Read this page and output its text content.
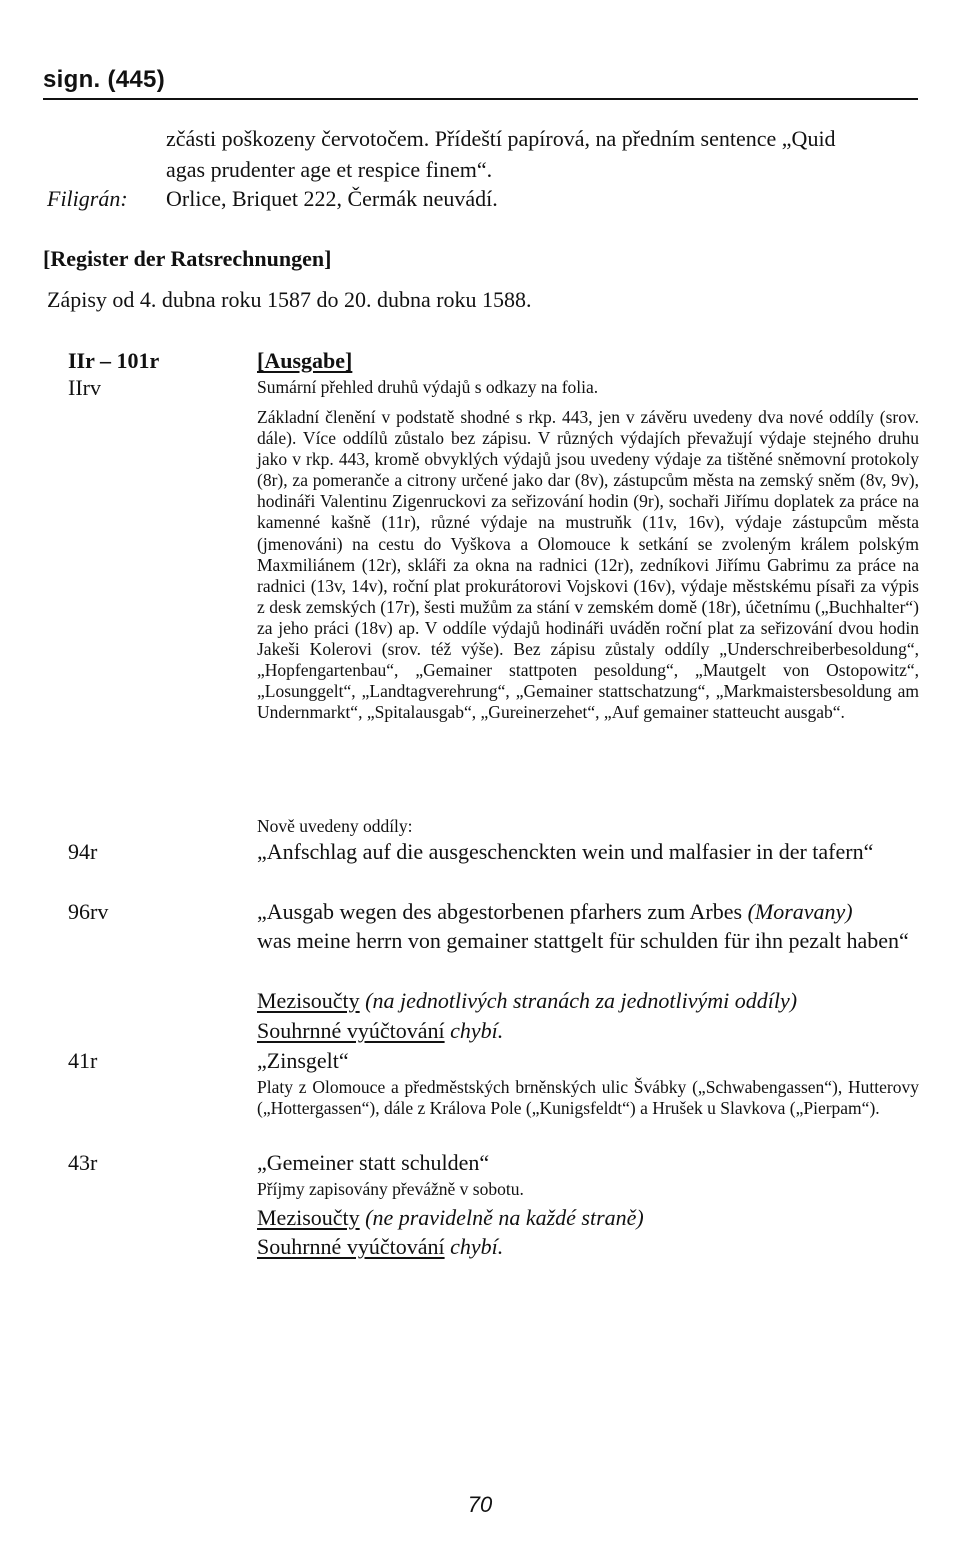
sign. (445)
zčásti poškozeny červotočem. Přídeští papírová, na předním sentence „Quid
agas prudenter age et respice finem“.
Filigrán: Orlice, Briquet 222, Čermák neuvádí.
[Register der Ratsrechnungen]
Zápisy od 4. dubna roku 1587 do 20. dubna roku 1588.
IIr – 101r	[Ausgabe]
IIrv	Sumární přehled druhů výdajů s odkazy na folia.
Základní členění v podstatě shodné s rkp. 443, jen v závěru uvedeny dva nové oddíly (srov. dále). Více oddílů zůstalo bez zápisu. V různých výdajích převažují výdaje stejného druhu jako v rkp. 443, kromě obvyklých výdajů jsou uvedeny výdaje za tištěné sněmovní protokoly (8r), za pomeranče a citrony určené jako dar (8v), zástupcům města na zemský sněm (8v, 9v), hodináři Valentinu Zigenruckovi za seřizování hodin (9r), sochaři Jiřímu doplatek za práce na kamenné kašně (11r), různé výdaje na mustruňk (11v, 16v), výdaje zástupcům města (jmenováni) na cestu do Vyškova a Olomouce k setkání se zvoleným králem polským Maxmiliánem (12r), skláři za okna na radnici (12r), zedníkovi Jiřímu Gabrimu za práce na radnici (13v, 14v), roční plat prokurátorovi Vojskovi (16v), výdaje městskému písaři za výpis z desk zemských (17r), šesti mužům za stání v zemském domě (18r), účetnímu („Buchhalter“) za jeho práci (18v) ap. V oddíle výdajů hodináři uváděn roční plat za seřizování dvou hodin Jakeši Kolerovi (srov. též výše). Bez zápisu zůstaly oddíly „Underschreiberbesoldung“, „Hopfengartenbau“, „Gemainer stattpoten pesoldung“, „Mautgelt von Ostopowitz“, „Losunggelt“, „Landtagverehrung“, „Gemainer stattschatzung“, „Markmaistersbesoldung am Undernmarkt“, „Spitalausgab“, „Gureinerzehet“, „Auf gemainer statteucht ausgab“.
Nově uvedeny oddíly:
94r	„Anfschlag auf die ausgeschenckten wein und malfasier in der tafern“
96rv	„Ausgab wegen des abgestorbenen pfarhers zum Arbes (Moravany)
was meine herrn von gemainer stattgelt für schulden für ihn pezalt haben“
Mezisoučty (na jednotlivých stranách za jednotlivými oddíly)
Souhrnné vyúčtování chybí.
41r	„Zinsgelt“
Platy z Olomouce a předměstských brněnských ulic Švábky („Schwabengassen“), Hutterovy („Hottergassen“), dále z Králova Pole („Kunigsfeldt“) a Hrušek u Slavkova („Pierpam“).
43r	„Gemeiner statt schulden“
Příjmy zapisovány převážně v sobotu.
Mezisoučty (ne pravidelně na každé straně)
Souhrnné vyúčtování chybí.
70
